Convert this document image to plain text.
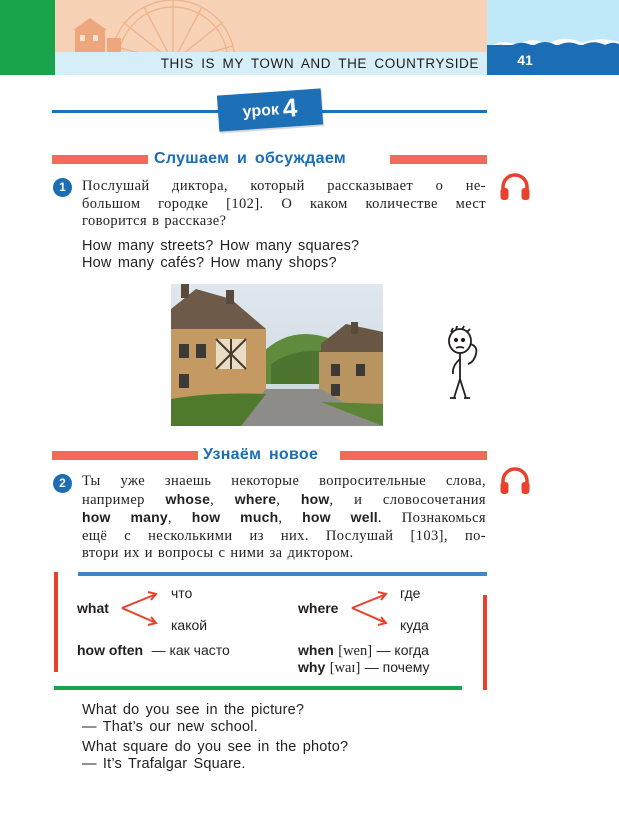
THIS IS MY TOWN AND THE COUNTRYSIDE	41
урок4
Слушаем и обсуждаем
1	Послушай диктора, который рассказывает о не-
большом городке [102]. О каком количестве мест
говорится в рассказе?
How many streets? How many squares?
How many cafés? How many shops?
Узнаём новое
2	Ты уже знаешь некоторые вопросительные слова,
например whose, where, how, и словосочетания
how many, how much, how well. Познакомься
ещё с несколькими из них. Послушай [103], по-
втори их и вопросы с ними за диктором.
what
что
какой
where
где
куда
how often — как часто	when [wen] — когда
why [waɪ] — почему
What do you see in the picture?
— That’s our new school.
What square do you see in the photo?
— It’s Trafalgar Square.
